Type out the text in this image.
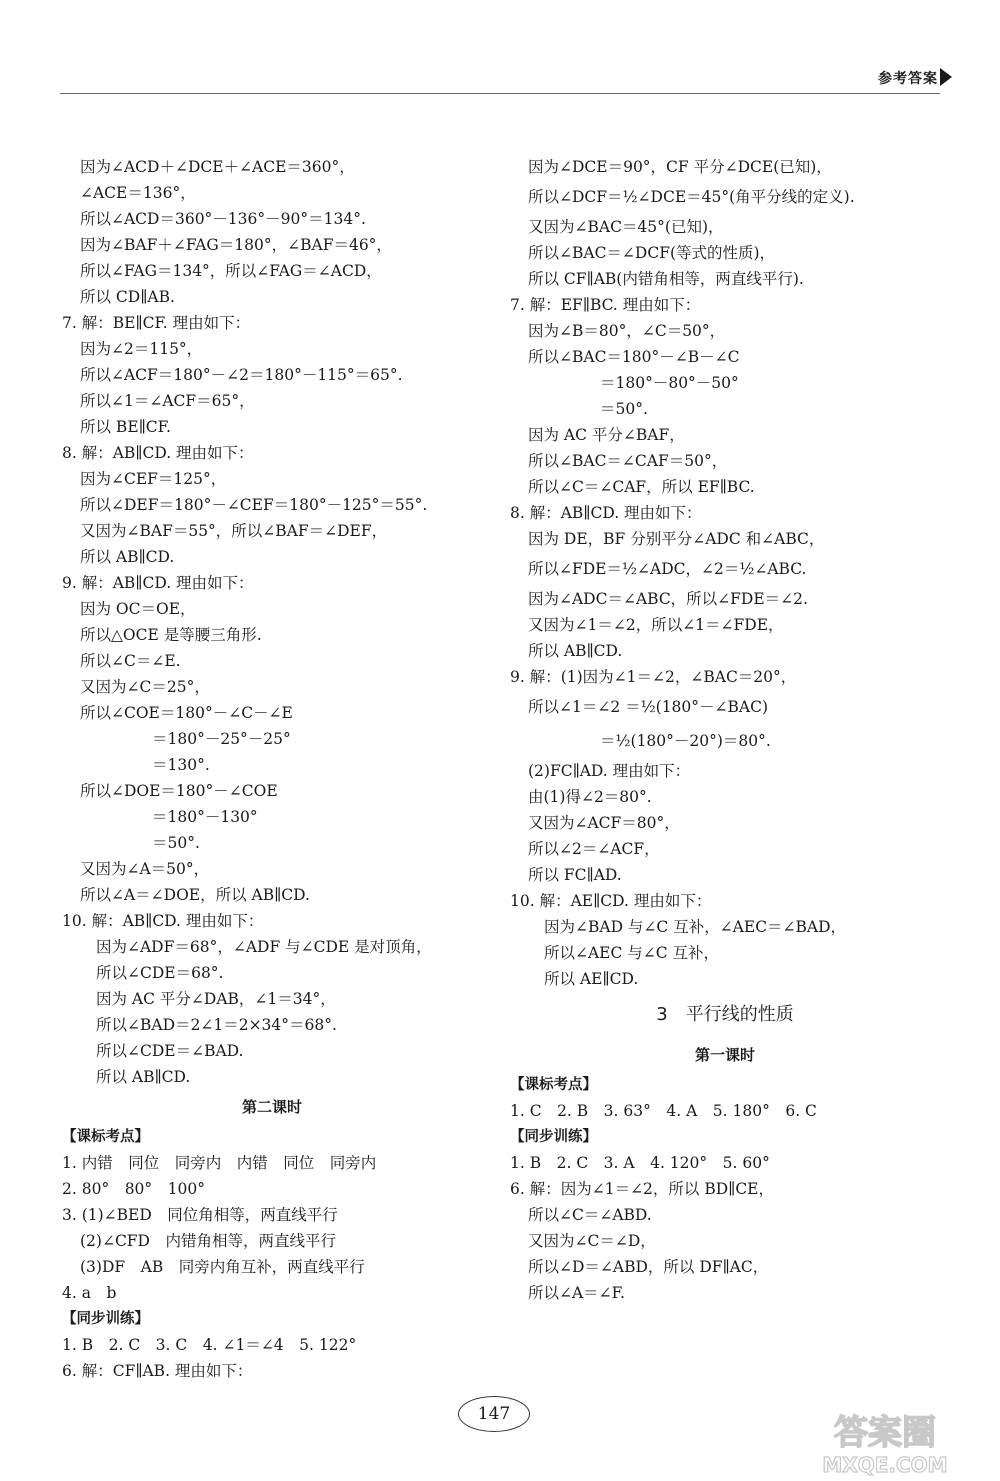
参考答案
因为∠ACD＋∠DCE＋∠ACE＝360°，
∠ACE＝136°，
所以∠ACD＝360°－136°－90°＝134°.
因为∠BAF＋∠FAG＝180°，∠BAF＝46°，
所以∠FAG＝134°，所以∠FAG＝∠ACD，
所以 CD∥AB.
7. 解：BE∥CF. 理由如下：
因为∠2＝115°，
所以∠ACF＝180°－∠2＝180°－115°＝65°.
所以∠1＝∠ACF＝65°，
所以 BE∥CF.
8. 解：AB∥CD. 理由如下：
因为∠CEF＝125°，
所以∠DEF＝180°－∠CEF＝180°－125°＝55°.
又因为∠BAF＝55°，所以∠BAF＝∠DEF，
所以 AB∥CD.
9. 解：AB∥CD. 理由如下：
因为 OC＝OE，
所以△OCE 是等腰三角形.
所以∠C＝∠E.
又因为∠C＝25°，
所以∠COE＝180°－∠C－∠E
＝180°－25°－25°
＝130°.
所以∠DOE＝180°－∠COE
＝180°－130°
＝50°.
又因为∠A＝50°，
所以∠A＝∠DOE，所以 AB∥CD.
10. 解：AB∥CD. 理由如下：
因为∠ADF＝68°，∠ADF 与∠CDE 是对顶角，
所以∠CDE＝68°.
因为 AC 平分∠DAB，∠1＝34°，
所以∠BAD＝2∠1＝2×34°＝68°.
所以∠CDE＝∠BAD.
所以 AB∥CD.
第二课时
【课标考点】
1. 内错　同位　同旁内　内错　同位　同旁内
2. 80°　80°　100°
3. (1)∠BED　同位角相等，两直线平行
(2)∠CFD　内错角相等，两直线平行
(3)DF　AB　同旁内角互补，两直线平行
4. a　b
【同步训练】
1. B　2. C　3. C　4. ∠1＝∠4　5. 122°
6. 解：CF∥AB. 理由如下：
因为∠DCE＝90°，CF 平分∠DCE(已知)，
所以∠DCF＝½∠DCE＝45°(角平分线的定义).
又因为∠BAC＝45°(已知)，
所以∠BAC＝∠DCF(等式的性质)，
所以 CF∥AB(内错角相等，两直线平行).
7. 解：EF∥BC. 理由如下：
因为∠B＝80°，∠C＝50°，
所以∠BAC＝180°－∠B－∠C
＝180°－80°－50°
＝50°.
因为 AC 平分∠BAF，
所以∠BAC＝∠CAF＝50°，
所以∠C＝∠CAF，所以 EF∥BC.
8. 解：AB∥CD. 理由如下：
因为 DE，BF 分别平分∠ADC 和∠ABC，
所以∠FDE＝½∠ADC，∠2＝½∠ABC.
因为∠ADC＝∠ABC，所以∠FDE＝∠2.
又因为∠1＝∠2，所以∠1＝∠FDE，
所以 AB∥CD.
9. 解：(1)因为∠1＝∠2，∠BAC＝20°，
所以∠1＝∠2 ＝½(180°－∠BAC)
＝½(180°－20°)＝80°.
(2)FC∥AD. 理由如下：
由(1)得∠2＝80°.
又因为∠ACF＝80°，
所以∠2＝∠ACF，
所以 FC∥AD.
10. 解：AE∥CD. 理由如下：
因为∠BAD 与∠C 互补，∠AEC＝∠BAD，
所以∠AEC 与∠C 互补，
所以 AE∥CD.
3　平行线的性质
第一课时
【课标考点】
1. C　2. B　3. 63°　4. A　5. 180°　6. C
【同步训练】
1. B　2. C　3. A　4. 120°　5. 60°
6. 解：因为∠1＝∠2，所以 BD∥CE，
所以∠C＝∠ABD.
又因为∠C＝∠D，
所以∠D＝∠ABD，所以 DF∥AC，
所以∠A＝∠F.
147	答案圈
MXQE.COM
